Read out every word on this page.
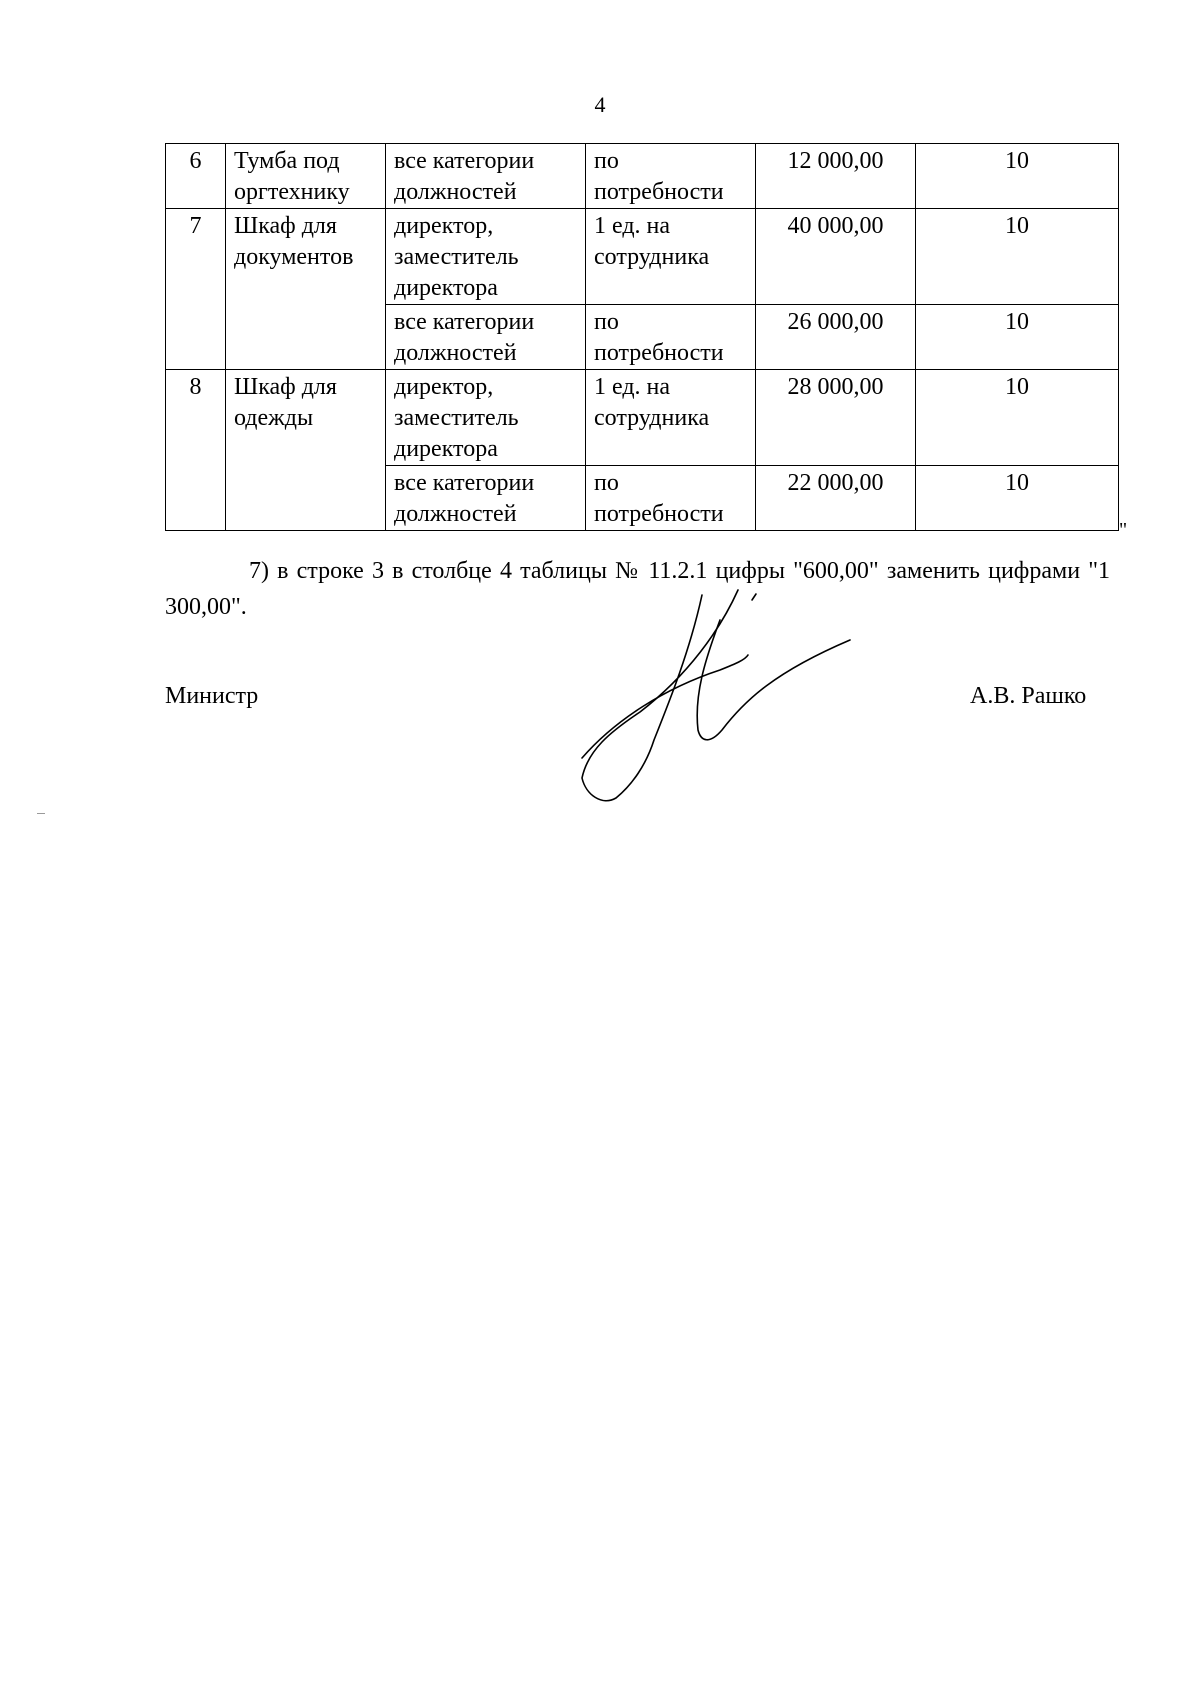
4
6	Тумба под оргтехнику	все категории должностей	по потребности	12 000,00	10
7	Шкаф для документов	директор, заместитель директора	1 ед. на сотрудника	40 000,00	10
		все категории должностей	по потребности	26 000,00	10
8	Шкаф для одежды	директор, заместитель директора	1 ед. на сотрудника	28 000,00	10
		все категории должностей	по потребности	22 000,00	10
"

7) в строке 3 в столбце 4 таблицы № 11.2.1 цифры "600,00" заменить цифрами "1 300,00".

Министр	А.В. Рашко
